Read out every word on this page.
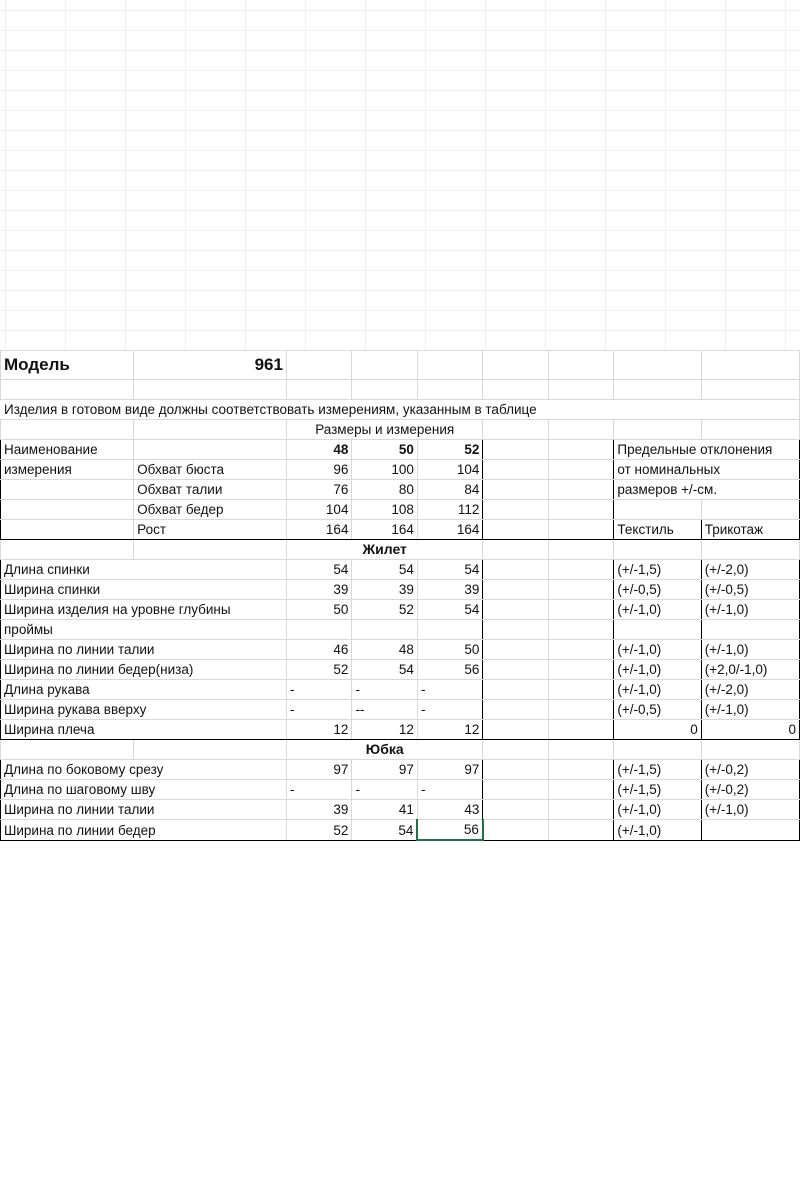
Модель	961							

Изделия в готовом виде должны соответствовать измерениям, указанным в таблице								
		Размеры и измерения						
Наименование		48	50	52			Предельные отклонения	
измерения	Обхват бюста	96	100	104			от номинальных	
	Обхват талии	76	80	84			размеров +/-см.	
	Обхват бедер	104	108	112				
	Рост	164	164	164			Текстиль	Трикотаж
		Жилет						
Длина спинки		54	54	54			(+/-1,5)	(+/-2,0)
Ширина спинки		39	39	39			(+/-0,5)	(+/-0,5)
Ширина изделия на уровне глубины		50	52	54			(+/-1,0)	(+/-1,0)
проймы								
Ширина по линии талии		46	48	50			(+/-1,0)	(+/-1,0)
Ширина по линии бедер(низа)		52	54	56			(+/-1,0)	(+2,0/-1,0)
Длина рукава		-	-	-			(+/-1,0)	(+/-2,0)
Ширина рукава вверху		-	--	-			(+/-0,5)	(+/-1,0)
Ширина плеча		12	12	12			0	0
		Юбка						
Длина по боковому срезу		97	97	97			(+/-1,5)	(+/-0,2)
Длина по шаговому шву		-	-	-			(+/-1,5)	(+/-0,2)
Ширина по линии талии		39	41	43			(+/-1,0)	(+/-1,0)
Ширина по линии бедер		52	54	56			(+/-1,0)	
